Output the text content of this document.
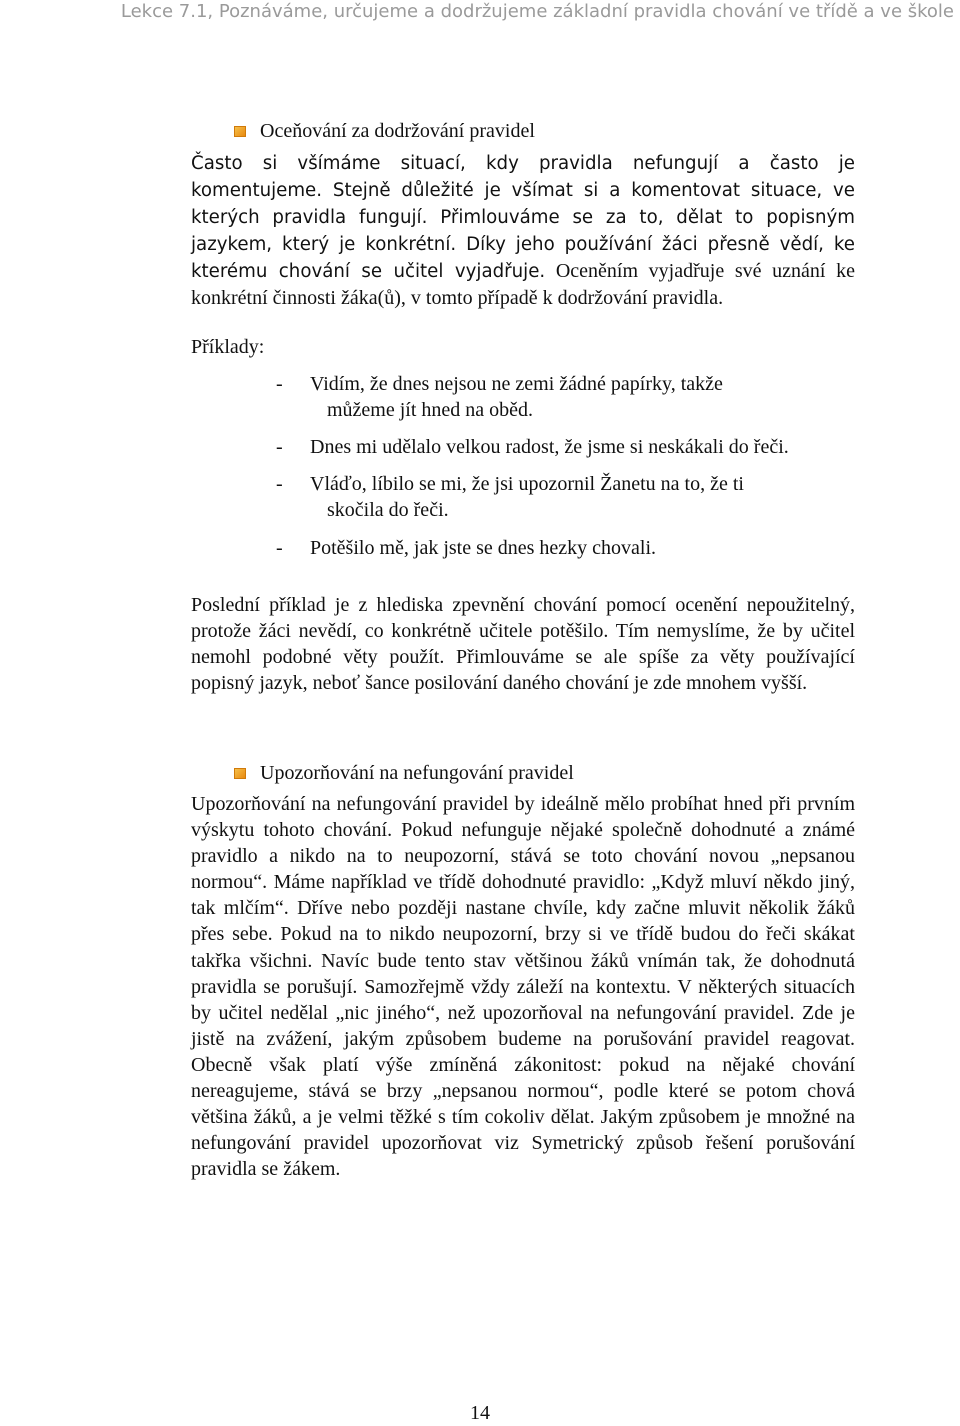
Lekce 7.1, Poznáváme, určujeme a dodržujeme základní pravidla chování ve třídě a ve škole
Oceňování za dodržování pravidel

Často si všímáme situací, kdy pravidla nefungují a často je komentujeme. Stejně důležité je všímat si a komentovat situace, ve kterých pravidla fungují. Přimlouváme se za to, dělat to popisným jazykem, který je konkrétní. Díky jeho používání žáci přesně vědí, ke kterému chování se učitel vyjadřuje. Oceněním vyjadřuje své uznání ke konkrétní činnosti žáka(ů), v tomto případě k dodržování pravidla.

Příklady:
-	Vidím, že dnes nejsou ne zemi žádné papírky, takže
můžeme jít hned na oběd.
-	Dnes mi udělalo velkou radost, že jsme si neskákali do řeči.
-	Vláďo, líbilo se mi, že jsi upozornil Žanetu na to, že ti
skočila do řeči.
-	Potěšilo mě, jak jste se dnes hezky chovali.

Poslední příklad je z hlediska zpevnění chování pomocí ocenění nepoužitelný, protože žáci nevědí, co konkrétně učitele potěšilo. Tím nemyslíme, že by učitel nemohl podobné věty použít. Přimlouváme se ale spíše za věty používající popisný jazyk, neboť šance posilování daného chování je zde mnohem vyšší.

Upozorňování na nefungování pravidel

Upozorňování na nefungování pravidel by ideálně mělo probíhat hned při prvním výskytu tohoto chování. Pokud nefunguje nějaké společně dohodnuté a známé pravidlo a nikdo na to neupozorní, stává se toto chování novou „nepsanou normou“. Máme například ve třídě dohodnuté pravidlo: „Když mluví někdo jiný, tak mlčím“. Dříve nebo později nastane chvíle, kdy začne mluvit několik žáků přes sebe. Pokud na to nikdo neupozorní, brzy si ve třídě budou do řeči skákat takřka všichni. Navíc bude tento stav většinou žáků vnímán tak, že dohodnutá pravidla se porušují. Samozřejmě vždy záleží na kontextu. V některých situacích by učitel nedělal „nic jiného“, než upozorňoval na nefungování pravidel. Zde je jistě na zvážení, jakým způsobem budeme na porušování pravidel reagovat. Obecně však platí výše zmíněná zákonitost: pokud na nějaké chování nereagujeme, stává se brzy „nepsanou normou“, podle které se potom chová většina žáků, a je velmi těžké s tím cokoliv dělat. Jakým způsobem je množné na nefungování pravidel upozorňovat viz Symetrický způsob řešení porušování pravidla se žákem.

14
